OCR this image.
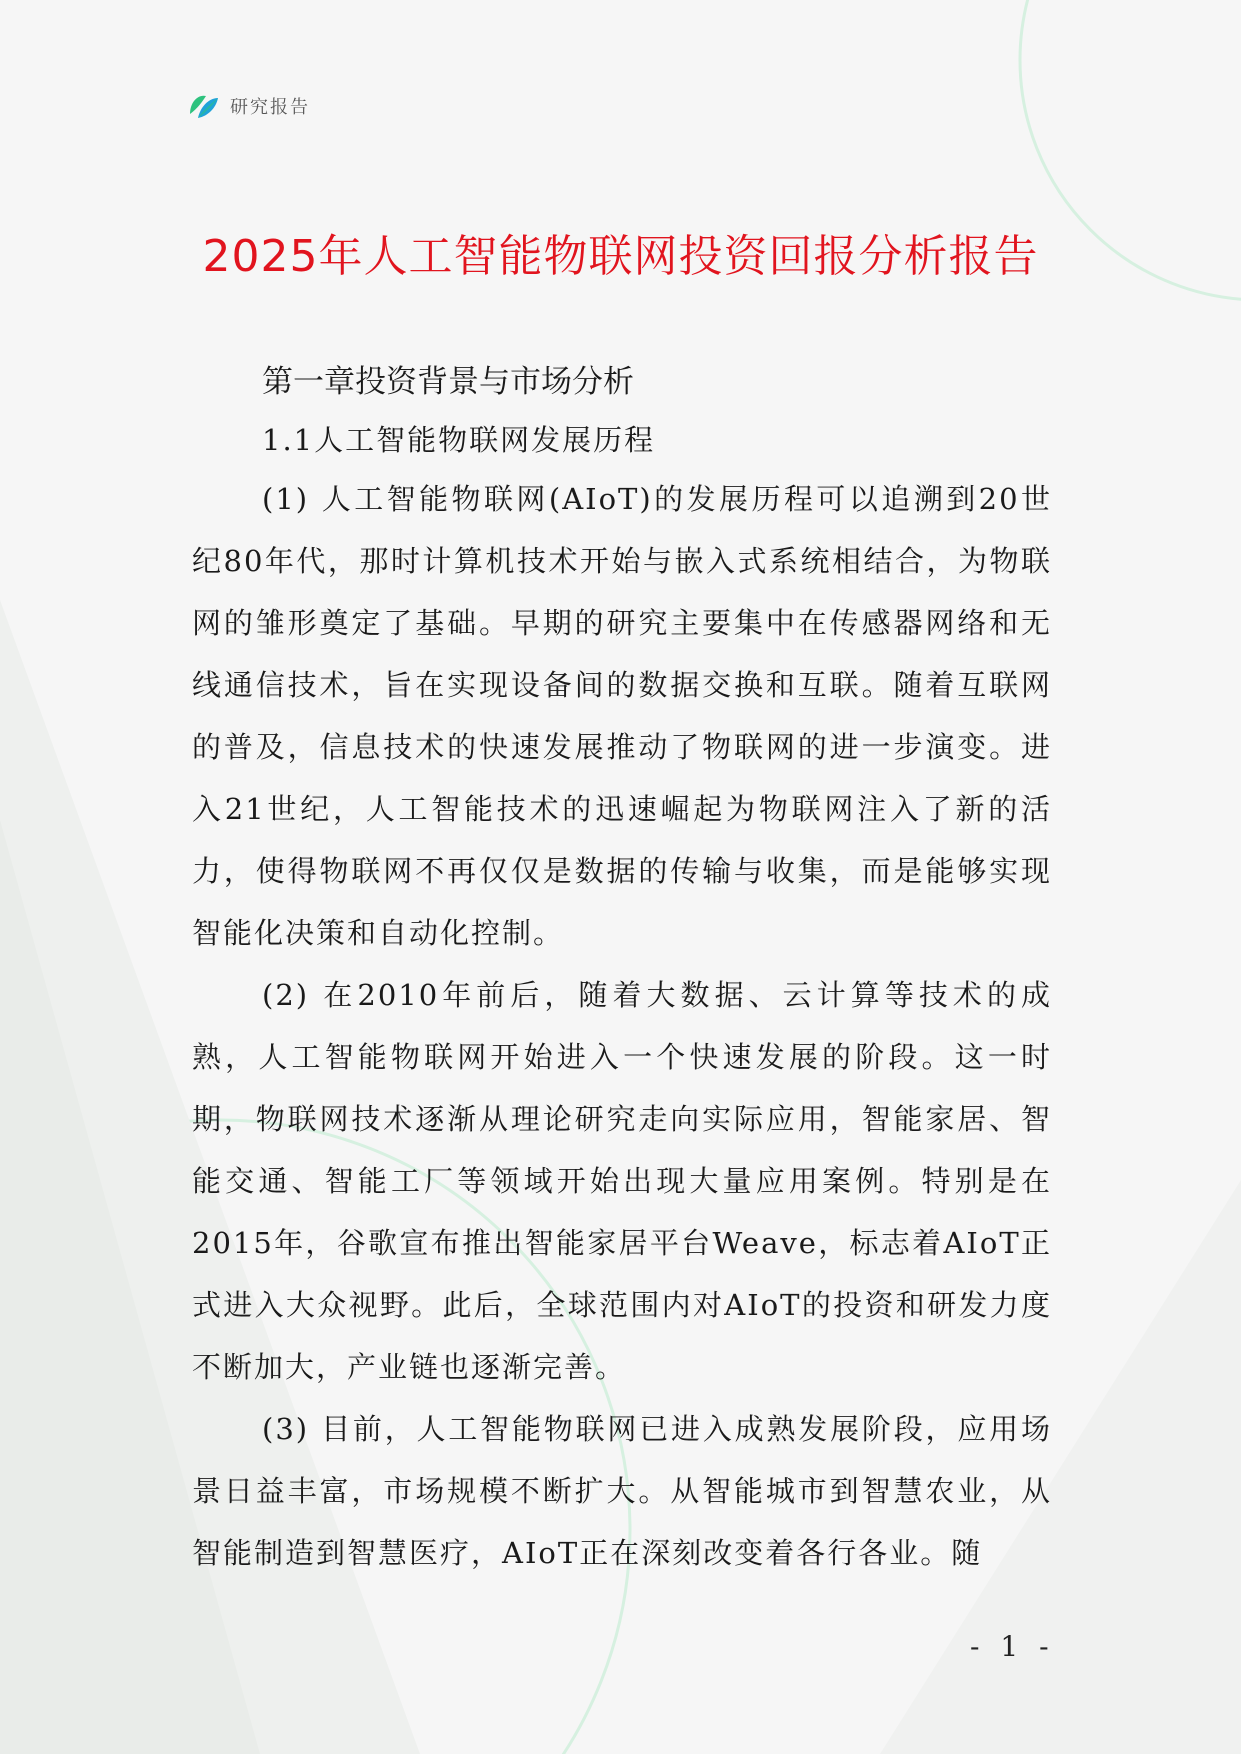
研究报告
2025年人工智能物联网投资回报分析报告

第一章投资背景与市场分析

1.1人工智能物联网发展历程

(1) 人工智能物联网(AIoT)的发展历程可以追溯到20世纪80年代，那时计算机技术开始与嵌入式系统相结合，为物联网的雏形奠定了基础。早期的研究主要集中在传感器网络和无线通信技术，旨在实现设备间的数据交换和互联。随着互联网的普及，信息技术的快速发展推动了物联网的进一步演变。进入21世纪，人工智能技术的迅速崛起为物联网注入了新的活力，使得物联网不再仅仅是数据的传输与收集，而是能够实现智能化决策和自动化控制。

(2) 在2010年前后，随着大数据、云计算等技术的成熟，人工智能物联网开始进入一个快速发展的阶段。这一时期，物联网技术逐渐从理论研究走向实际应用，智能家居、智能交通、智能工厂等领域开始出现大量应用案例。特别是在2015年，谷歌宣布推出智能家居平台Weave，标志着AIoT正式进入大众视野。此后，全球范围内对AIoT的投资和研发力度不断加大，产业链也逐渐完善。

(3) 目前，人工智能物联网已进入成熟发展阶段，应用场景日益丰富，市场规模不断扩大。从智能城市到智慧农业，从智能制造到智慧医疗，AIoT正在深刻改变着各行各业。随

- 1 -
